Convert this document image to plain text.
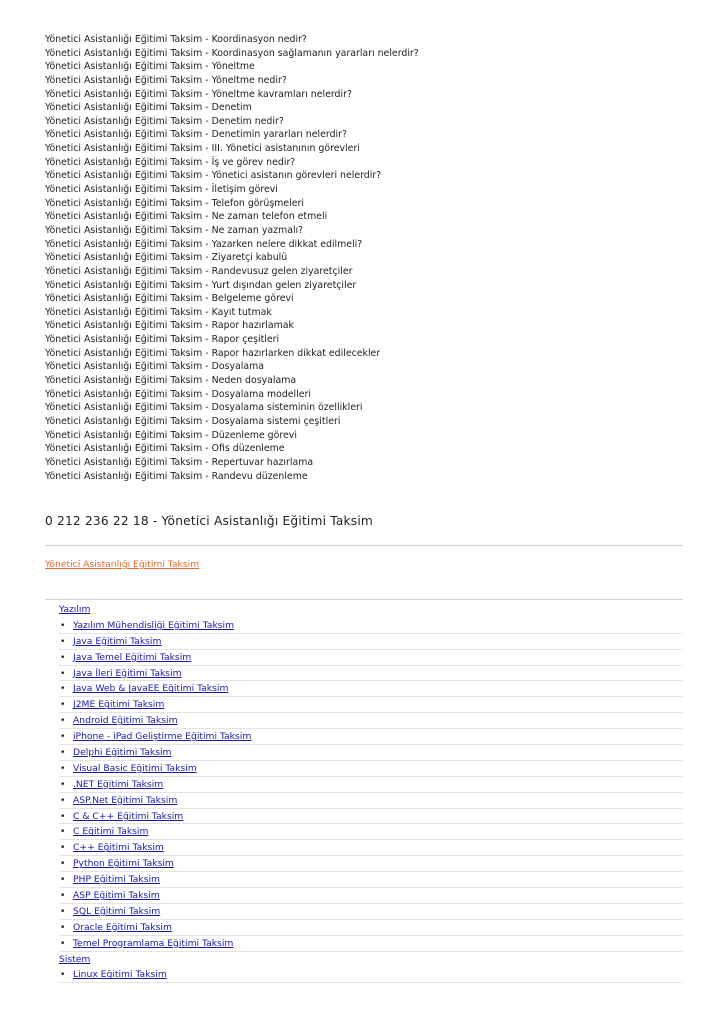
Yönetici Asistanlığı Eğitimi Taksim - Koordinasyon nedir?
Yönetici Asistanlığı Eğitimi Taksim - Koordinasyon sağlamanın yararları nelerdir?
Yönetici Asistanlığı Eğitimi Taksim - Yöneltme
Yönetici Asistanlığı Eğitimi Taksim - Yöneltme nedir?
Yönetici Asistanlığı Eğitimi Taksim - Yöneltme kavramları nelerdir?
Yönetici Asistanlığı Eğitimi Taksim - Denetim
Yönetici Asistanlığı Eğitimi Taksim - Denetim nedir?
Yönetici Asistanlığı Eğitimi Taksim - Denetimin yararları nelerdir?
Yönetici Asistanlığı Eğitimi Taksim - III. Yönetici asistanının görevleri
Yönetici Asistanlığı Eğitimi Taksim - İş ve görev nedir?
Yönetici Asistanlığı Eğitimi Taksim - Yönetici asistanın görevleri nelerdir?
Yönetici Asistanlığı Eğitimi Taksim - İletişim görevi
Yönetici Asistanlığı Eğitimi Taksim - Telefon görüşmeleri
Yönetici Asistanlığı Eğitimi Taksim - Ne zaman telefon etmeli
Yönetici Asistanlığı Eğitimi Taksim - Ne zaman yazmalı?
Yönetici Asistanlığı Eğitimi Taksim - Yazarken nelere dikkat edilmeli?
Yönetici Asistanlığı Eğitimi Taksim - Ziyaretçi kabulü
Yönetici Asistanlığı Eğitimi Taksim - Randevusuz gelen ziyaretçiler
Yönetici Asistanlığı Eğitimi Taksim - Yurt dışından gelen ziyaretçiler
Yönetici Asistanlığı Eğitimi Taksim - Belgeleme görevi
Yönetici Asistanlığı Eğitimi Taksim - Kayıt tutmak
Yönetici Asistanlığı Eğitimi Taksim - Rapor hazırlamak
Yönetici Asistanlığı Eğitimi Taksim - Rapor çeşitleri
Yönetici Asistanlığı Eğitimi Taksim - Rapor hazırlarken dikkat edilecekler
Yönetici Asistanlığı Eğitimi Taksim - Dosyalama
Yönetici Asistanlığı Eğitimi Taksim - Neden dosyalama
Yönetici Asistanlığı Eğitimi Taksim - Dosyalama modelleri
Yönetici Asistanlığı Eğitimi Taksim - Dosyalama sisteminin özellikleri
Yönetici Asistanlığı Eğitimi Taksim - Dosyalama sistemi çeşitleri
Yönetici Asistanlığı Eğitimi Taksim - Düzenleme görevi
Yönetici Asistanlığı Eğitimi Taksim - Ofis düzenleme
Yönetici Asistanlığı Eğitimi Taksim - Repertuvar hazırlama
Yönetici Asistanlığı Eğitimi Taksim - Randevu düzenleme
0 212 236 22 18 - Yönetici Asistanlığı Eğitimi Taksim
Yönetici Asistanlığı Eğitimi Taksim
Yazılım
• Yazılım Mühendisliği Eğitimi Taksim
• Java Eğitimi Taksim
• Java Temel Eğitimi Taksim
• Java İleri Eğitimi Taksim
• Java Web & JavaEE Eğitimi Taksim
• J2ME Eğitimi Taksim
• Android Eğitimi Taksim
• iPhone - iPad Geliştirme Eğitimi Taksim
• Delphi Eğitimi Taksim
• Visual Basic Eğitimi Taksim
• .NET Eğitimi Taksim
• ASP.Net Eğitimi Taksim
• C & C++ Eğitimi Taksim
• C Eğitimi Taksim
• C++ Eğitimi Taksim
• Python Eğitimi Taksim
• PHP Eğitimi Taksim
• ASP Eğitimi Taksim
• SQL Eğitimi Taksim
• Oracle Eğitimi Taksim
• Temel Programlama Eğitimi Taksim
Sistem
• Linux Eğitimi Taksim
